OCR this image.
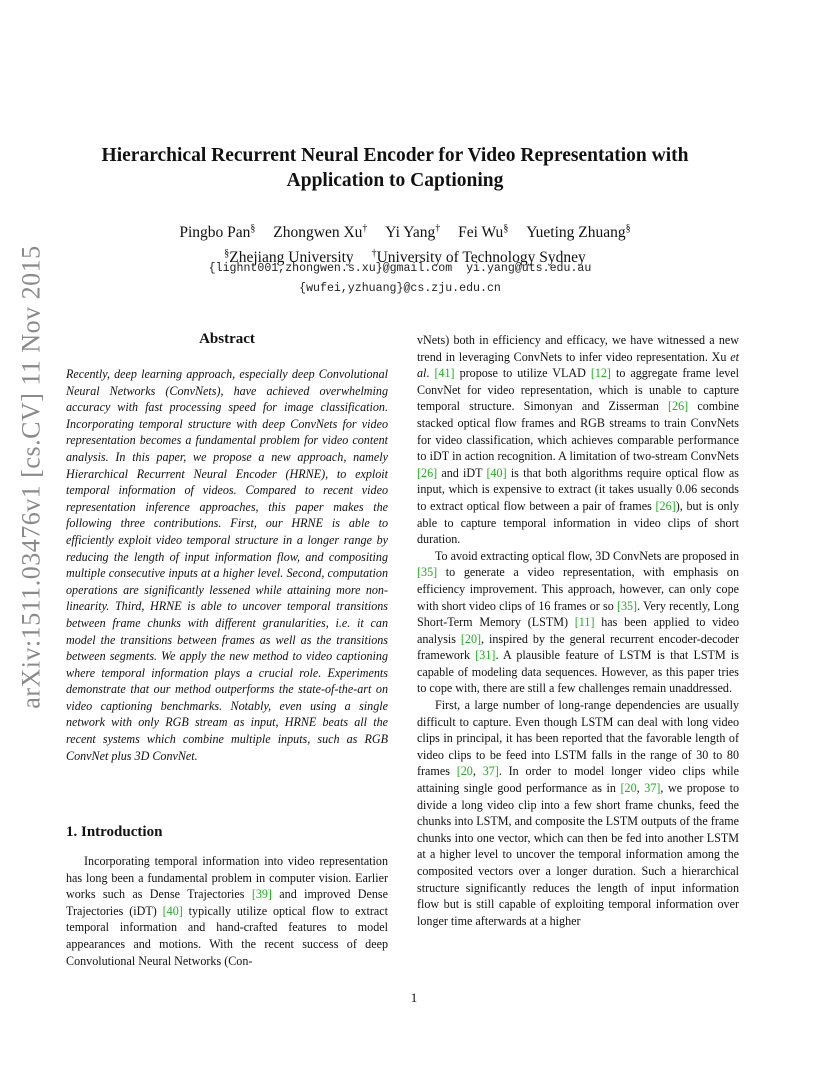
arXiv:1511.03476v1 [cs.CV] 11 Nov 2015
Hierarchical Recurrent Neural Encoder for Video Representation with
Application to Captioning
Pingbo Pan§ Zhongwen Xu† Yi Yang† Fei Wu§ Yueting Zhuang§
§Zhejiang University †University of Technology Sydney
{lighnt001,zhongwen.s.xu}@gmail.com  yi.yang@uts.edu.au
{wufei,yzhuang}@cs.zju.edu.cn
Abstract
Recently, deep learning approach, especially deep Convolutional Neural Networks (ConvNets), have achieved overwhelming accuracy with fast processing speed for image classification. Incorporating temporal structure with deep ConvNets for video representation becomes a fundamental problem for video content analysis. In this paper, we propose a new approach, namely Hierarchical Recurrent Neural Encoder (HRNE), to exploit temporal information of videos. Compared to recent video representation inference approaches, this paper makes the following three contributions. First, our HRNE is able to efficiently exploit video temporal structure in a longer range by reducing the length of input information flow, and compositing multiple consecutive inputs at a higher level. Second, computation operations are significantly lessened while attaining more non-linearity. Third, HRNE is able to uncover temporal transitions between frame chunks with different granularities, i.e. it can model the transitions between frames as well as the transitions between segments. We apply the new method to video captioning where temporal information plays a crucial role. Experiments demonstrate that our method outperforms the state-of-the-art on video captioning benchmarks. Notably, even using a single network with only RGB stream as input, HRNE beats all the recent systems which combine multiple inputs, such as RGB ConvNet plus 3D ConvNet.
1. Introduction

Incorporating temporal information into video representation has long been a fundamental problem in computer vision. Earlier works such as Dense Trajectories [39] and improved Dense Trajectories (iDT) [40] typically utilize optical flow to extract temporal information and hand-crafted features to model appearances and motions. With the recent success of deep Convolutional Neural Networks (Con-

vNets) both in efficiency and efficacy, we have witnessed a new trend in leveraging ConvNets to infer video representation. Xu et al. [41] propose to utilize VLAD [12] to aggregate frame level ConvNet for video representation, which is unable to capture temporal structure. Simonyan and Zisserman [26] combine stacked optical flow frames and RGB streams to train ConvNets for video classification, which achieves comparable performance to iDT in action recognition. A limitation of two-stream ConvNets [26] and iDT [40] is that both algorithms require optical flow as input, which is expensive to extract (it takes usually 0.06 seconds to extract optical flow between a pair of frames [26]), but is only able to capture temporal information in video clips of short duration.

To avoid extracting optical flow, 3D ConvNets are proposed in [35] to generate a video representation, with emphasis on efficiency improvement. This approach, however, can only cope with short video clips of 16 frames or so [35]. Very recently, Long Short-Term Memory (LSTM) [11] has been applied to video analysis [20], inspired by the general recurrent encoder-decoder framework [31]. A plausible feature of LSTM is that LSTM is capable of modeling data sequences. However, as this paper tries to cope with, there are still a few challenges remain unaddressed.

First, a large number of long-range dependencies are usually difficult to capture. Even though LSTM can deal with long video clips in principal, it has been reported that the favorable length of video clips to be feed into LSTM falls in the range of 30 to 80 frames [20, 37]. In order to model longer video clips while attaining single good performance as in [20, 37], we propose to divide a long video clip into a few short frame chunks, feed the chunks into LSTM, and composite the LSTM outputs of the frame chunks into one vector, which can then be fed into another LSTM at a higher level to uncover the temporal information among the composited vectors over a longer duration. Such a hierarchical structure significantly reduces the length of input information flow but is still capable of exploiting temporal information over longer time afterwards at a higher

1
